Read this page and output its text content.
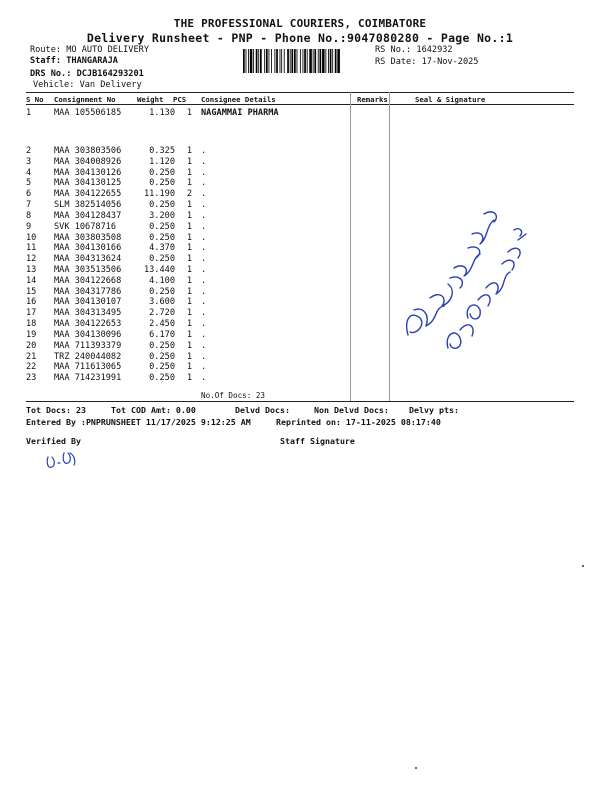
THE PROFESSIONAL COURIERS, COIMBATORE
Delivery Runsheet - PNP - Phone No.:9047080280 - Page No.:1
Route: MO AUTO DELIVERY
Staff: THANGARAJA
DRS No.: DCJB164293201
Vehicle: Van Delivery
RS No.: 1642932
RS Date: 17-Nov-2025
S No Consignment No	Weight PCS Consignee Details	Remarks	Seal & Signature
1	MAA 105506185	1.130	1 NAGAMMAI PHARMA
2	MAA 303803506	0.325	1 .
3	MAA 304008926	1.120	1 .
4	MAA 304130126	0.250	1 .
5	MAA 304130125	0.250	1 .
6	MAA 304122655	11.190	2 .
7	SLM 382514056	0.250	1 .
8	MAA 304128437	3.200	1 .
9	SVK 10678716	0.250	1 .
10	MAA 303803508	0.250	1 .
11	MAA 304130166	4.370	1 .
12	MAA 304313624	0.250	1 .
13	MAA 303513506	13.440	1 .
14	MAA 304122668	4.100	1 .
15	MAA 304317786	0.250	1 .
16	MAA 304130107	3.600	1 .
17	MAA 304313495	2.720	1 .
18	MAA 304122653	2.450	1 .
19	MAA 304130096	6.170	1 .
20	MAA 711393379	0.250	1 .
21	TRZ 240044082	0.250	1 .
22	MAA 711613065	0.250	1 .
23	MAA 714231991	0.250	1 .
No.Of Docs: 23
Tot Docs: 23	Tot COD Amt: 0.00	Delvd Docs:	Non Delvd Docs: Delvy pts:
Entered By :PNPRUNSHEET 11/17/2025 9:12:25 AM	Reprinted on: 17-11-2025 08:17:40
Verified By	Staff Signature
